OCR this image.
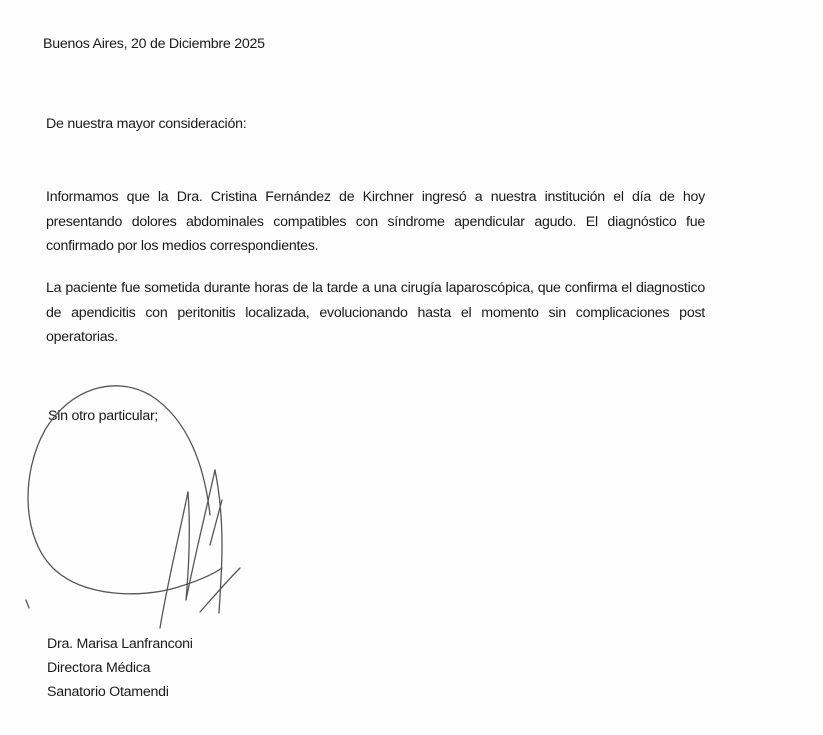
Buenos Aires, 20 de Diciembre 2025

De nuestra mayor consideración:

Informamos que la Dra. Cristina Fernández de Kirchner ingresó a nuestra institución el día de hoy presentando dolores abdominales compatibles con síndrome apendicular agudo. El diagnóstico fue confirmado por los medios correspondientes.

La paciente fue sometida durante horas de la tarde a una cirugía laparoscópica, que confirma el diagnostico de apendicitis con peritonitis localizada, evolucionando hasta el momento sin complicaciones post operatorias.

Sin otro particular;

Dra. Marisa Lanfranconi

Directora Médica

Sanatorio Otamendi
